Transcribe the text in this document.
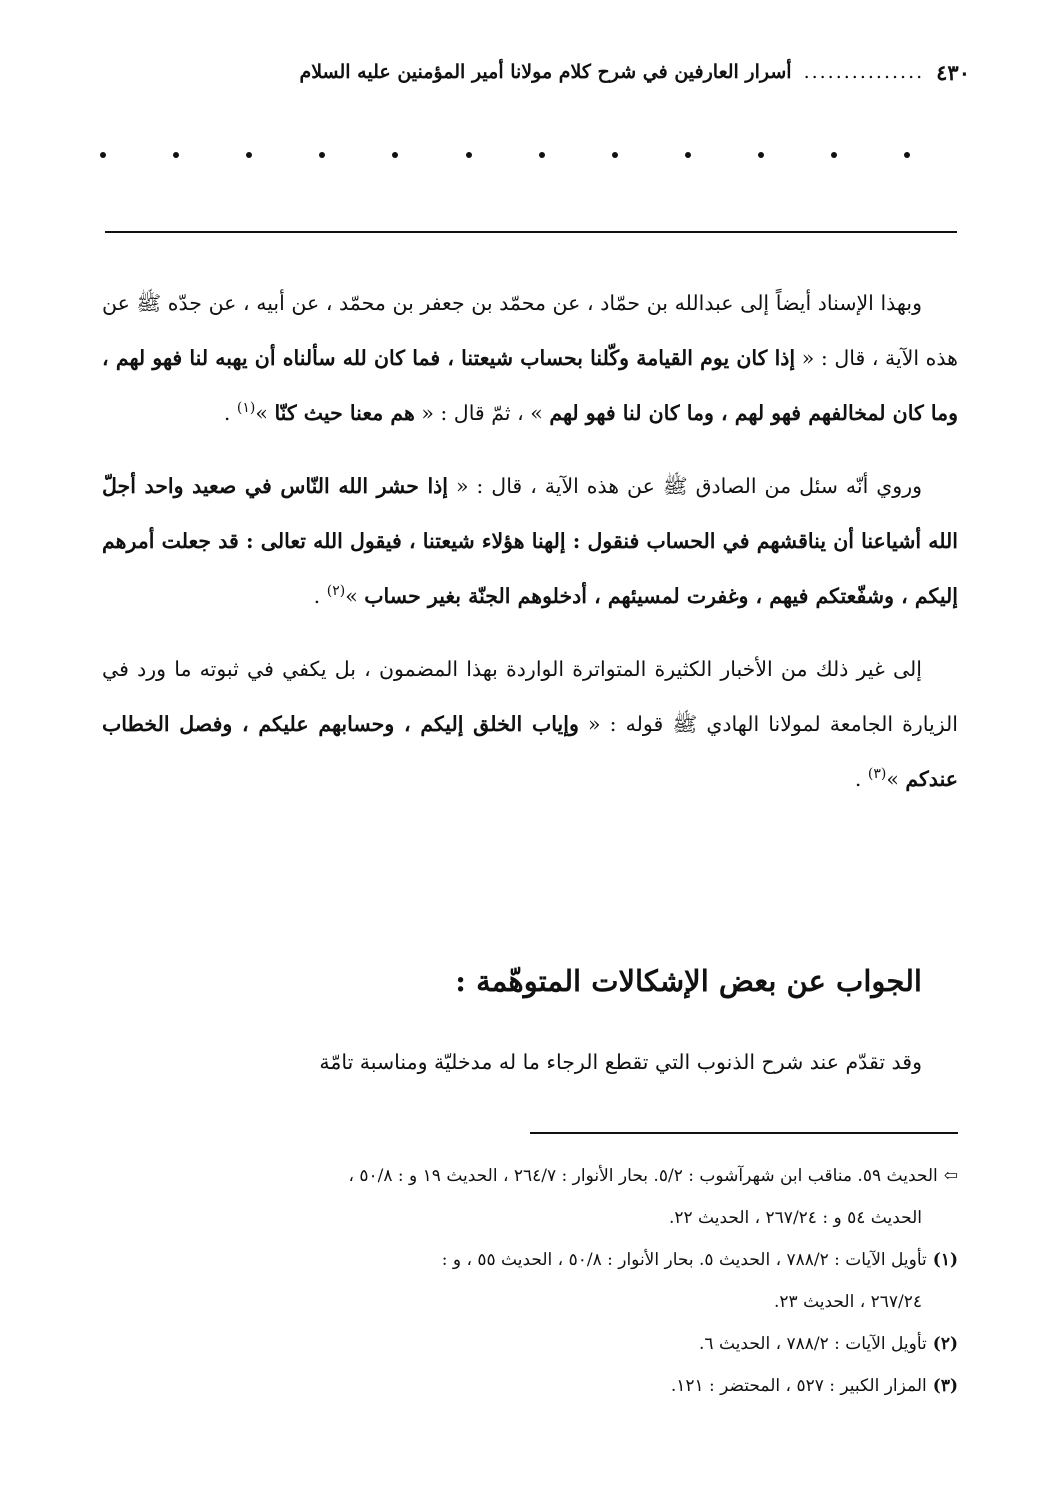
٤٣٠
...............
أسرار العارفين في شرح كلام مولانا أمير المؤمنين عليه السلام

وبهذا الإسناد أيضاً إلى عبدالله بن حمّاد ، عن محمّد بن جعفر بن محمّد ، عن أبيه ، عن جدّه ﷺ عن هذه الآية ، قال : « إذا كان يوم القيامة وكّلنا بحساب شيعتنا ، فما كان لله سألناه أن يهبه لنا فهو لهم ، وما كان لمخالفهم فهو لهم ، وما كان لنا فهو لهم » ، ثمّ قال : « هم معنا حيث كنّا »$^{(١)}$ .

وروي أنّه سئل من الصادق ﷺ عن هذه الآية ، قال : « إذا حشر الله النّاس في صعيد واحد أجلّ الله أشياعنا أن يناقشهم في الحساب فنقول : إلهنا هؤلاء شيعتنا ، فيقول الله تعالى : قد جعلت أمرهم إليكم ، وشفّعتكم فيهم ، وغفرت لمسيئهم ، أدخلوهم الجنّة بغير حساب »$^{(٢)}$ .

إلى غير ذلك من الأخبار الكثيرة المتواترة الواردة بهذا المضمون ، بل يكفي في ثبوته ما ورد في الزيارة الجامعة لمولانا الهادي ﷺ قوله : « وإياب الخلق إليكم ، وحسابهم عليكم ، وفصل الخطاب عندكم »$^{(٣)}$ .

الجواب عن بعض الإشكالات المتوهّمة :
وقد تقدّم عند شرح الذنوب التي تقطع الرجاء ما له مدخليّة ومناسبة تامّة
⇦الحديث ٥٩. مناقب ابن شهرآشوب : ٥/٢. بحار الأنوار : ٢٦٤/٧ ، الحديث ١٩ و : ٥٠/٨ ،
الحديث ٥٤ و : ٢٦٧/٢٤ ، الحديث ٢٢.
(١)تأويل الآيات : ٧٨٨/٢ ، الحديث ٥. بحار الأنوار : ٥٠/٨ ، الحديث ٥٥ ، و :
٢٦٧/٢٤ ، الحديث ٢٣.
(٢)تأويل الآيات : ٧٨٨/٢ ، الحديث ٦.
(٣)المزار الكبير : ٥٢٧ ، المحتضر : ١٢١.
